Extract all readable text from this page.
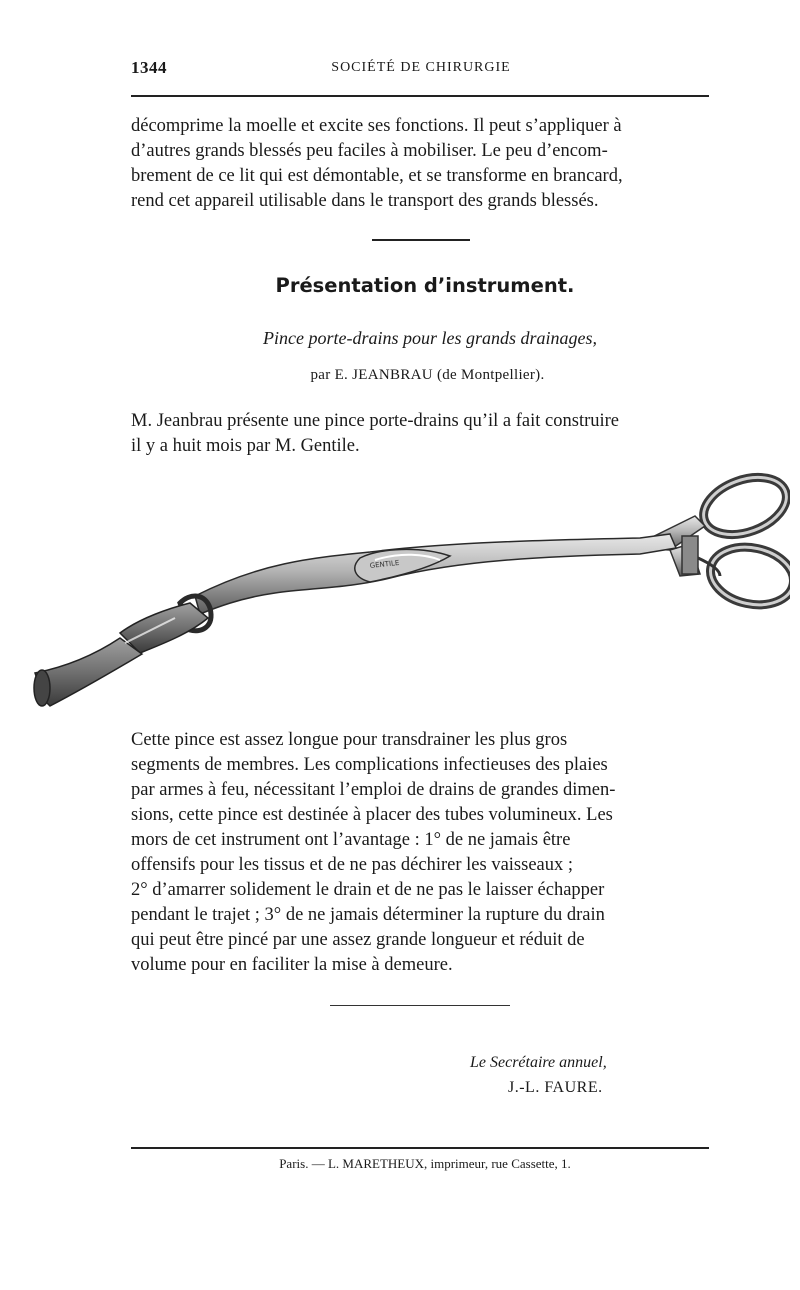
1344	SOCIÉTÉ DE CHIRURGIE

décomprime la moelle et excite ses fonctions. Il peut s’appliquer à
d’autres grands blessés peu faciles à mobiliser. Le peu d’encom-
brement de ce lit qui est démontable, et se transforme en brancard,
rend cet appareil utilisable dans le transport des grands blessés.

Présentation d’instrument.
Pince porte-drains pour les grands drainages,
par E. JEANBRAU (de Montpellier).

M. Jeanbrau présente une pince porte-drains qu’il a fait construire
il y a huit mois par M. Gentile.

GENTILE

Cette pince est assez longue pour transdrainer les plus gros
segments de membres. Les complications infectieuses des plaies
par armes à feu, nécessitant l’emploi de drains de grandes dimen-
sions, cette pince est destinée à placer des tubes volumineux. Les
mors de cet instrument ont l’avantage : 1° de ne jamais être
offensifs pour les tissus et de ne pas déchirer les vaisseaux ;
2° d’amarrer solidement le drain et de ne pas le laisser échapper
pendant le trajet ; 3° de ne jamais déterminer la rupture du drain
qui peut être pincé par une assez grande longueur et réduit de
volume pour en faciliter la mise à demeure.

Le Secrétaire annuel,
J.-L. FAURE.
Paris. — L. MARETHEUX, imprimeur, rue Cassette, 1.
